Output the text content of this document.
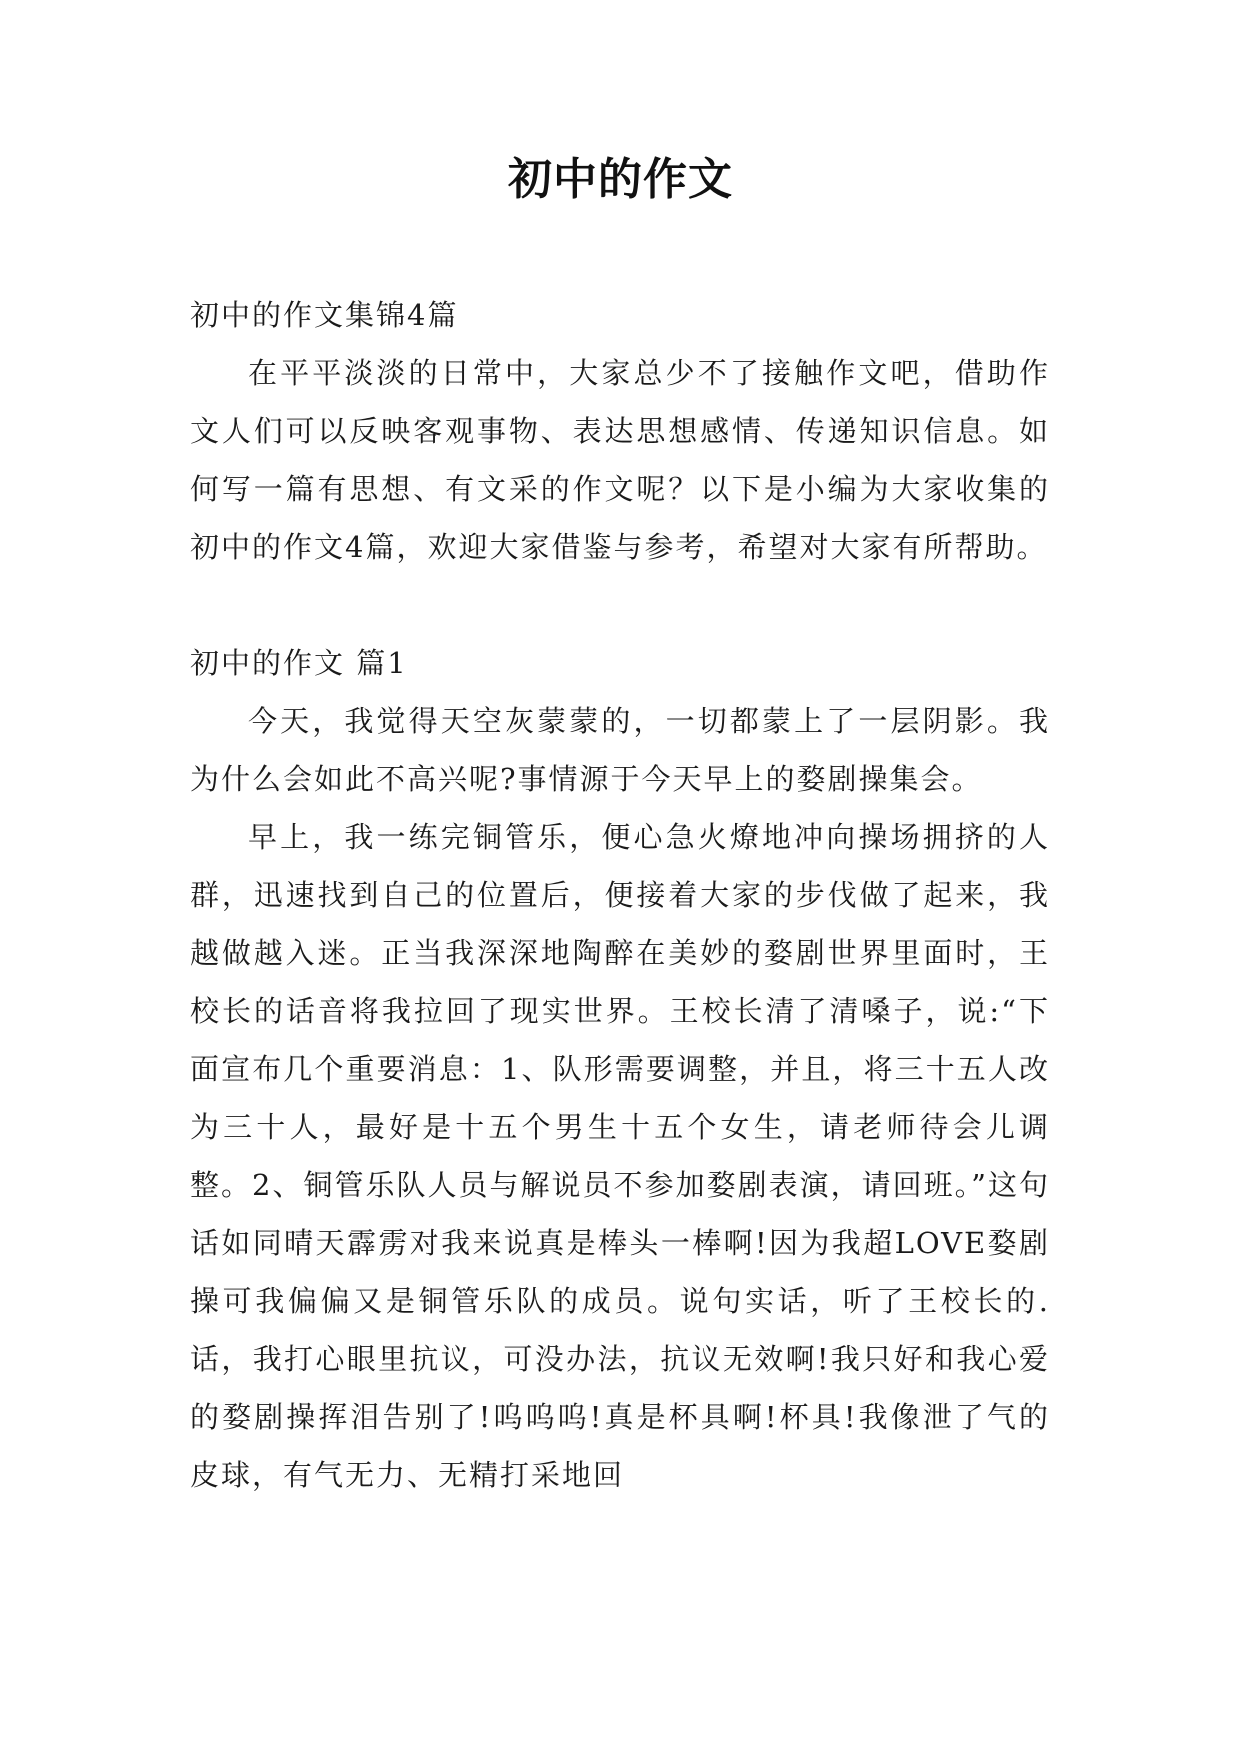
初中的作文

初中的作文集锦4篇

在平平淡淡的日常中，大家总少不了接触作文吧，借助作文人们可以反映客观事物、表达思想感情、传递知识信息。如何写一篇有思想、有文采的作文呢？以下是小编为大家收集的初中的作文4篇，欢迎大家借鉴与参考，希望对大家有所帮助。

初中的作文 篇1

今天，我觉得天空灰蒙蒙的，一切都蒙上了一层阴影。我为什么会如此不高兴呢?事情源于今天早上的婺剧操集会。

早上，我一练完铜管乐，便心急火燎地冲向操场拥挤的人群，迅速找到自己的位置后，便接着大家的步伐做了起来，我越做越入迷。正当我深深地陶醉在美妙的婺剧世界里面时，王校长的话音将我拉回了现实世界。王校长清了清嗓子，说:“下面宣布几个重要消息：1、队形需要调整，并且，将三十五人改为三十人，最好是十五个男生十五个女生，请老师待会儿调整。2、铜管乐队人员与解说员不参加婺剧表演，请回班。”这句话如同晴天霹雳对我来说真是棒头一棒啊!因为我超LOVE婺剧操可我偏偏又是铜管乐队的成员。说句实话，听了王校长的.话，我打心眼里抗议，可没办法，抗议无效啊!我只好和我心爱的婺剧操挥泪告别了!呜呜呜!真是杯具啊!杯具!我像泄了气的皮球，有气无力、无精打采地回
